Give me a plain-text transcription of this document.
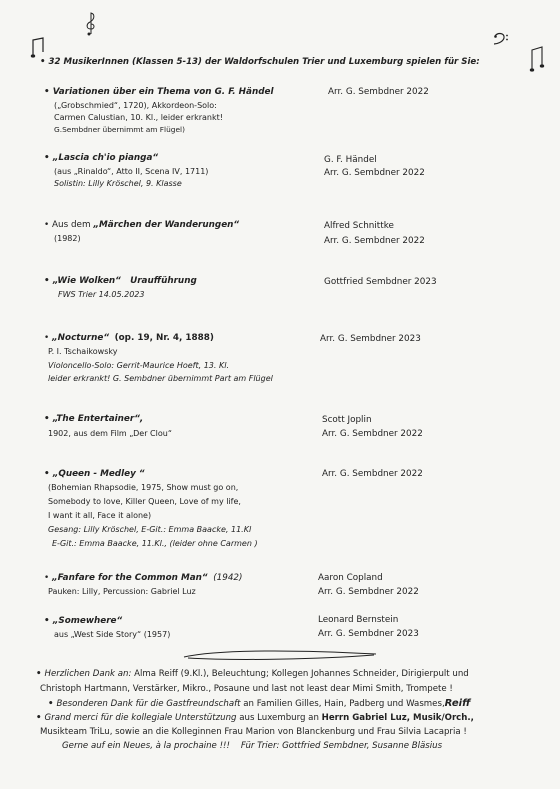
• 32 MusikerInnen (Klassen 5-13) der Waldorfschulen Trier und Luxemburg spielen für Sie:
• Variationen über ein Thema von G. F. Händel
(„Grobschmied“, 1720), Akkordeon-Solo:
Carmen Calustian, 10. Kl., leider erkrankt!
G.Sembdner übernimmt am Flügel)
Arr. G. Sembdner 2022
• „Lascia ch'io pianga“
(aus „Rinaldo“, Atto II, Scena IV, 1711)
Solistin: Lilly Kröschel, 9. Klasse
G. F. Händel
Arr. G. Sembdner 2022
• Aus dem „Märchen der Wanderungen“
(1982)
Alfred Schnittke
Arr. G. Sembdner 2022
• „Wie Wolken“ Uraufführung
FWS Trier 14.05.2023
Gottfried Sembdner 2023
• „Nocturne“ (op. 19, Nr. 4, 1888)
P. I. Tschaikowsky
Violoncello-Solo: Gerrit-Maurice Hoeft, 13. Kl.
leider erkrankt! G. Sembdner übernimmt Part am Flügel
Arr. G. Sembdner 2023
• „The Entertainer“,
1902, aus dem Film „Der Clou“
Scott Joplin
Arr. G. Sembdner 2022
• „Queen - Medley “
(Bohemian Rhapsodie, 1975, Show must go on,
Somebody to love, Killer Queen, Love of my life,
I want it all, Face it alone)
Gesang: Lilly Kröschel, E-Git.: Emma Baacke, 11.Kl
E-Git.: Emma Baacke, 11.Kl., (leider ohne Carmen )
Arr. G. Sembdner 2022
• „Fanfare for the Common Man“ (1942)
Pauken: Lilly, Percussion: Gabriel Luz
Aaron Copland
Arr. G. Sembdner 2022
• „Somewhere“
aus „West Side Story“ (1957)
Leonard Bernstein
Arr. G. Sembdner 2023
• Herzlichen Dank an: Alma Reiff (9.Kl.), Beleuchtung; Kollegen Johannes Schneider, Dirigierpult und
Christoph Hartmann, Verstärker, Mikro., Posaune und last not least dear Mimi Smith, Trompete !
• Besonderen Dank für die Gastfreundschaft an Familien Gilles, Hain, Padberg und Wasmes,Reiff
• Grand merci für die kollegiale Unterstützung aus Luxemburg an Herrn Gabriel Luz, Musik/Orch.,
Musikteam TriLu, sowie an die Kolleginnen Frau Marion von Blanckenburg und Frau Silvia Lacapria !
Gerne auf ein Neues, à la prochaine !!! Für Trier: Gottfried Sembdner, Susanne Bläsius
